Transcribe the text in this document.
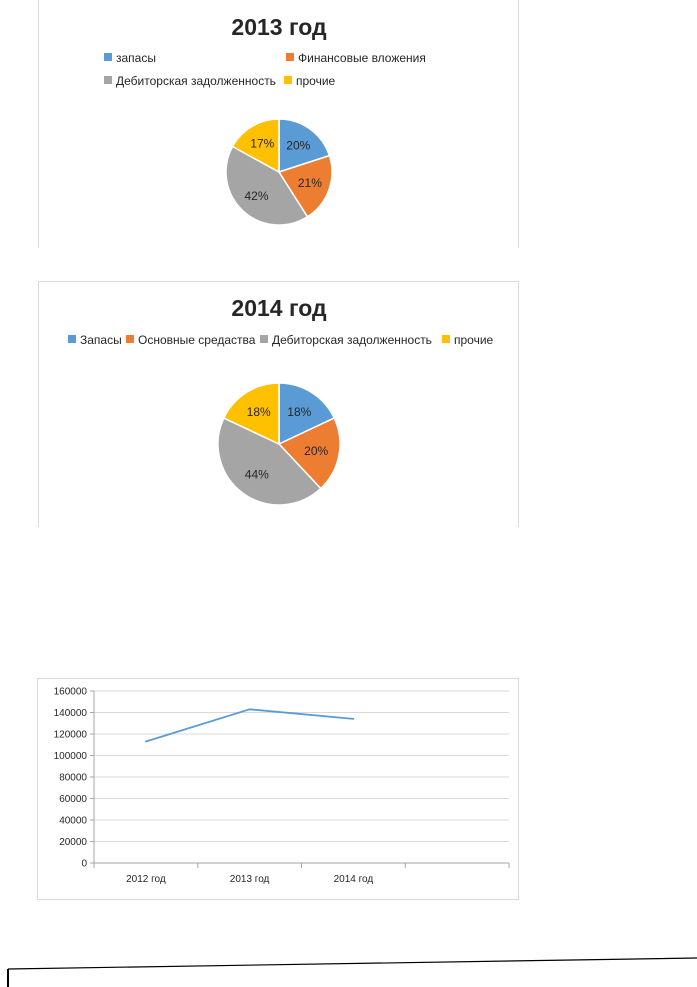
2013 год
запасы	Финансовые вложения
Дебиторская задолженность прочие
20%
21%
42%
17%
2014 год
Запасы Основные средаства Дебиторская задолженность прочие
18%
20%
44%
18%
0
20000
40000
60000
80000
100000
120000
140000
160000
2012 год	2013 год	2014 год
